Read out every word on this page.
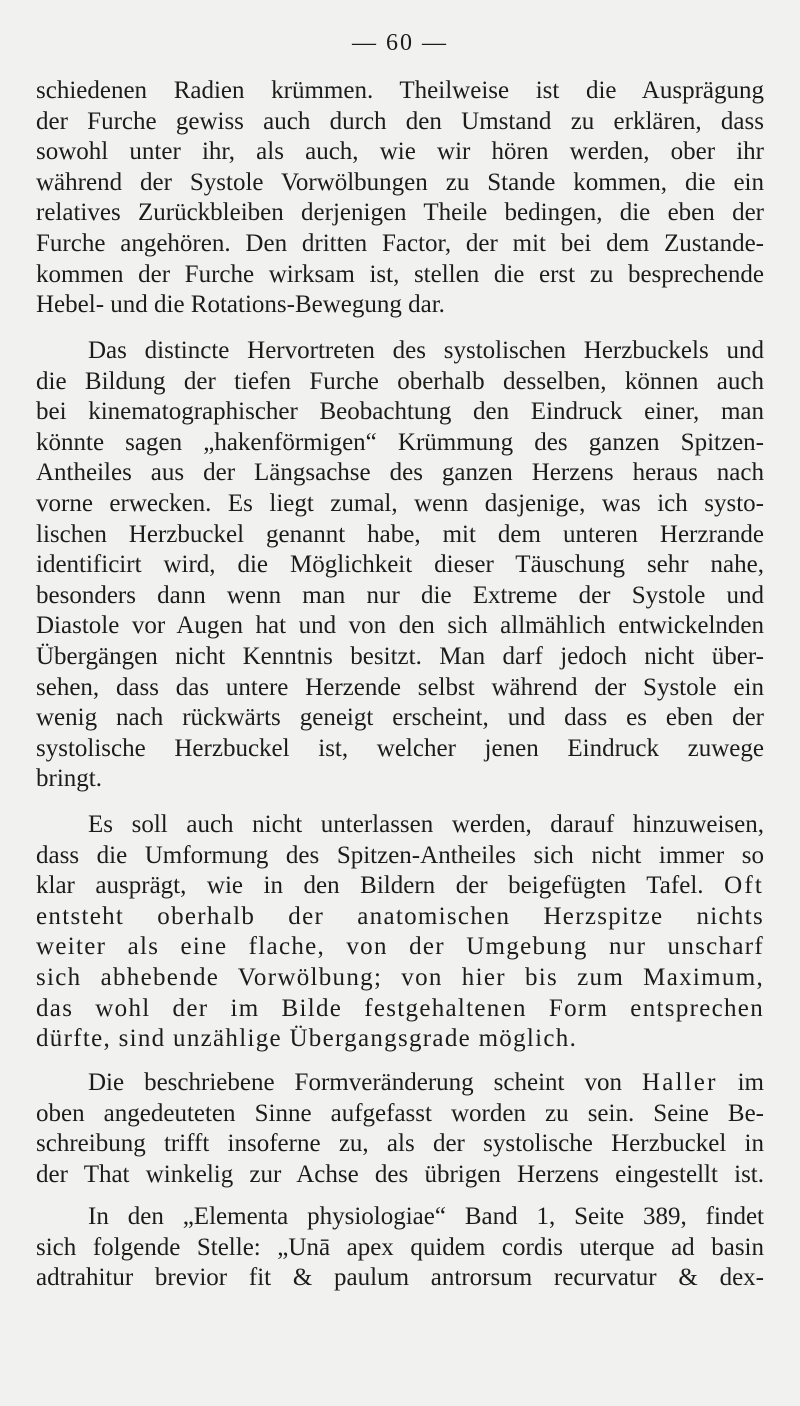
— 60 —
schiedenen Radien krümmen. Theilweise ist die Ausprägung
der Furche gewiss auch durch den Umstand zu erklären, dass
sowohl unter ihr, als auch, wie wir hören werden, ober ihr
während der Systole Vorwölbungen zu Stande kommen, die ein
relatives Zurückbleiben derjenigen Theile bedingen, die eben der
Furche angehören. Den dritten Factor, der mit bei dem Zustande-
kommen der Furche wirksam ist, stellen die erst zu besprechende
Hebel- und die Rotations-Bewegung dar.
Das distincte Hervortreten des systolischen Herzbuckels und
die Bildung der tiefen Furche oberhalb desselben, können auch
bei kinematographischer Beobachtung den Eindruck einer, man
könnte sagen „hakenförmigen“ Krümmung des ganzen Spitzen-
Antheiles aus der Längsachse des ganzen Herzens heraus nach
vorne erwecken. Es liegt zumal, wenn dasjenige, was ich systo-
lischen Herzbuckel genannt habe, mit dem unteren Herzrande
identificirt wird, die Möglichkeit dieser Täuschung sehr nahe,
besonders dann wenn man nur die Extreme der Systole und
Diastole vor Augen hat und von den sich allmählich entwickelnden
Übergängen nicht Kenntnis besitzt. Man darf jedoch nicht über-
sehen, dass das untere Herzende selbst während der Systole ein
wenig nach rückwärts geneigt erscheint, und dass es eben der
systolische Herzbuckel ist, welcher jenen Eindruck zuwege
bringt.
Es soll auch nicht unterlassen werden, darauf hinzuweisen,
dass die Umformung des Spitzen-Antheiles sich nicht immer so
klar ausprägt, wie in den Bildern der beigefügten Tafel. Oft
entsteht oberhalb der anatomischen Herzspitze nichts
weiter als eine flache, von der Umgebung nur unscharf
sich abhebende Vorwölbung; von hier bis zum Maximum,
das wohl der im Bilde festgehaltenen Form entsprechen
dürfte, sind unzählige Übergangsgrade möglich.
Die beschriebene Formveränderung scheint von Haller im
oben angedeuteten Sinne aufgefasst worden zu sein. Seine Be-
schreibung trifft insoferne zu, als der systolische Herzbuckel in
der That winkelig zur Achse des übrigen Herzens eingestellt ist.
In den „Elementa physiologiae“ Band 1, Seite 389, findet
sich folgende Stelle: „Unā apex quidem cordis uterque ad basin
adtrahitur brevior fit & paulum antrorsum recurvatur & dex-
